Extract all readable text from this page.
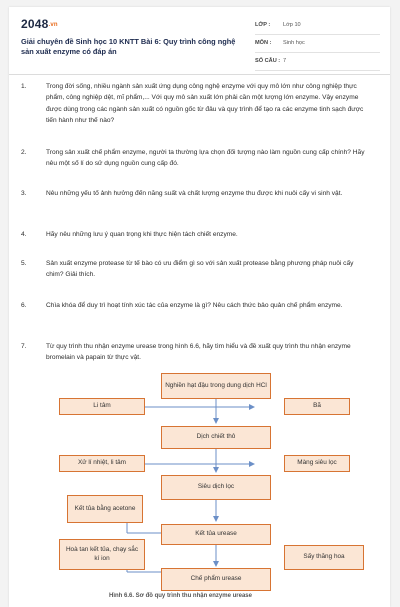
2048.vn
Giải chuyên đề Sinh học 10 KNTT Bài 6: Quy trình công nghệ sản xuất enzyme có đáp án
LỚP : Lớp 10
MÔN : Sinh học
SỐ CÂU : 7
1.	Trong đời sống, nhiều ngành sản xuất ứng dụng công nghệ enzyme với quy mô lớn như công nghiệp thực phẩm, công nghiệp dệt, mĩ phẩm,... Với quy mô sản xuất lớn phải cần một lượng lớn enzyme. Vậy enzyme được dùng trong các ngành sản xuất có nguồn gốc từ đâu và quy trình để tạo ra các enzyme tinh sạch được tiến hành như thế nào?
2.	Trong sản xuất chế phẩm enzyme, người ta thường lựa chọn đối tượng nào làm nguồn cung cấp chính? Hãy nêu một số lí do sử dụng nguồn cung cấp đó.
3.	Nêu những yếu tố ảnh hưởng đến năng suất và chất lượng enzyme thu được khi nuôi cấy vi sinh vật.
4.	Hãy nêu những lưu ý quan trọng khi thực hiện tách chiết enzyme.
5.	Sản xuất enzyme protease từ tế bào có ưu điểm gì so với sản xuất protease bằng phương pháp nuôi cấy chim? Giải thích.
6.	Chìa khóa để duy trì hoạt tính xúc tác của enzyme là gì? Nêu cách thức bảo quản chế phẩm enzyme.
7.	Từ quy trình thu nhận enzyme urease trong hình 6.6, hãy tìm hiểu và đề xuất quy trình thu nhận enzyme bromelain và papain từ thực vật.
Nghiền hạt đậu trong dung dịch HCl
Li tâm	Bã
Dịch chiết thô
Xử lí nhiệt, li tâm	Màng siêu lọc
Siêu dịch lọc
Kết tủa bằng acetone
Kết tủa urease
Hoà tan kết tủa, chạy sắc kí ion	Sấy thăng hoa
Chế phẩm urease
Hình 6.6. Sơ đồ quy trình thu nhận enzyme urease
